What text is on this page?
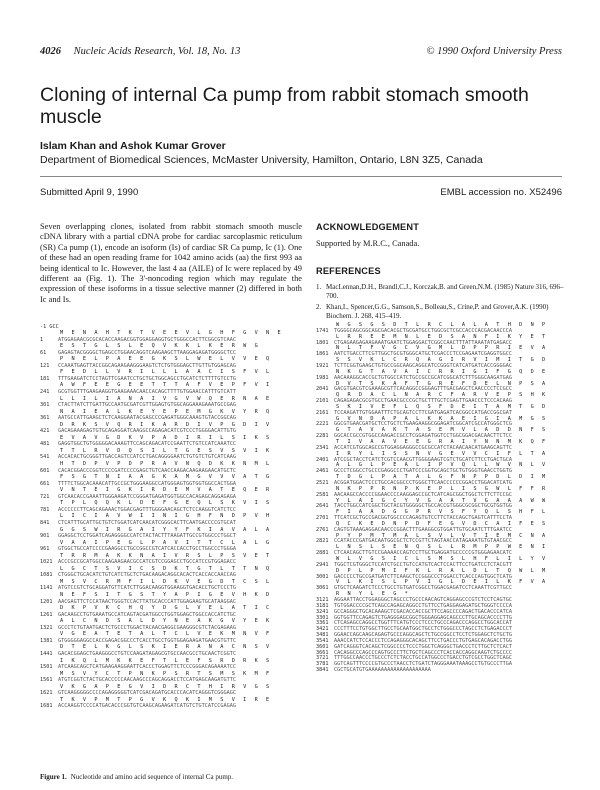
4026 Nucleic Acids Research, Vol. 18, No. 13	© 1990 Oxford University Press
Cloning of internal Ca pump from rabbit stomach smooth muscle
Islam Khan and Ashok Kumar Grover
Department of Biomedical Sciences, McMaster University, Hamilton, Ontario, L8N 3Z5, Canada
Submitted April 9, 1990	EMBL accession no. X52496

Seven overlapping clones, isolated from rabbit stomach smooth muscle cDNA library with a partial cDNA probe for cardiac sarcoplasmic reticulum (SR) Ca pump (1), encode an isoform (Is) of cardiac SR Ca pump, Ic (1). One of these had an open reading frame for 1042 amino acids (aa) the first 993 aa being identical to Ic. However, the last 4 aa (AILE) of Ic were replaced by 49 different aa (Fig. 1). The 3'-noncoding region which may regulate the expression of these isoforms in a tissue selective manner (2) differed in both Ic and Is.

ACKNOWLEDGEMENT
Supported by M.R.C., Canada.
REFERENCES
1. MacLennan,D.H., Brandl,C.J., Korczak,B. and Green,N.M. (1985) Nature 316, 696–700.
2. Khan,I., Spencer,G.G., Samson,S., Bolleau,S., Crine,P. and Grover,A.K. (1990) Biochem. J. 268, 415–419.
-1 GCC
M E N A H T K T V E E V L G H F G V N E
1	ATGGAGAACGCGCACACCAAGACGGTGGAGGAGGTGCTGGGCCACTTCGGCGTCAAC
E S T G L S L E Q V K K L K E R W G
61 GAGAGTACGGGGCTGAGCCTGGAACAGGTCAAGAAGCTTAAGGAGAGATGGGGCTCC
P N E L P A E E G K S L W E L V V E Q
121 CCAAATGAGTTACCGGCAGAAGAAGGGAAGTCTCTGTGGGAGCTTGTTGTGGAGCAG
F E D L L V R I L L L A A C I S F V L
181 TTTGAAGATCTCCTAGTTCGAATCCTGCTGCTGGCAGCCTGCATCTCTTTTGTCCTG
A W F E E G E E T T T A F V E P F V I
241 GCGTGGTTTGAAGAAGGTGAAGAAACAACCACAGCTTTTGTGGAACCATTTGTCATT
L L I L I A N A I V G V W Q E R N A E
301 CTACTTATCTTGATTGCCAATGCGATCGTTGGAGTGTGGCAGGAAAGAAATGCCGAG
N A I E A L K E Y E P E M G K V Y R Q
361 AATGCCATTGAAGCTCTCAAGGAATACGAGCCCGAGATGGGCAAAGTGTACCGGCAG
D R K S V Q R I K A R D I V P G D I V
421 GACAGAAAGAGTGTGCAGAGGATCAAGGCCAGAGACATCGTCCCTGGGGACATTGTG
E V A V G D K V P A D I R I L S I K S
481 GAGGTGGCTGTGGGGGACAAAGTTCCAGCAGACATCCGAATTCTGTCCATCAAATCC
T T L R V D Q S I L T G E S V S V I K
541 ACCACACTGCGGGTTGACCAGTCCATCCTGACAGGGGAATCTGTGTCTGTCATCAAG
H T D P V P D P R A V N Q D K K N M L
601 CACACGGACCCGGTCCCCGATCCCCGAGCTGTCAACCAAGACAAGAAGAACATGCTC
F S G T N I A A G K A M G V V V A T G
661 TTTTCTGGCACAAACATTGCCGCTGGGAAGGCCATGGGAGTGGTGGTGGCCACTGGA
V N T E I G K I R D E M V A T E Q E R
721 GTCAACACCGAAATTGGGAAGATCCGGGATGAGATGGTGGCCACAGAGCAGGAGAGA
T P L Q Q K L D E F G E Q L S K V I S
781 ACCCCCCTTCAGCAGAAACTGGACGAGTTTGGGGAACAGCTCTCCAAGGTCATCTCC
L I C I A V W I I N I G H F N D P V H
841 CTCATTTGCATTGCTGTCTGGATCATCAACATCGGGCACTTCAATGACCCCGTGCAT
G G S W I R G A I Y Y F K I A V A L A
901 GGAGGCTCCTGGATCAGAGGGGCCATCTACTACTTTAAGATTGCCGTGGCCCTGGCT
V A A I P E G L P A V I T T C L A L G
961 GTGGCTGCCATCCCCGAAGGCCTGCCGGCCGTCATCACCACCTGCCTGGCCCTGGGA
T R R M A K K N A I V R S L P S V E T
1021 ACCCGCCGCATGGCCAAGAAGAACGCCATCGTCCGGAGCCTGCCATCCGTGGAGACC
L G C T S V I C S D K T G T L T T N Q
1081 CTGGGCTGCACATCTGTCATCTGCTCTGACAAGACAGGCACACTCACCACCAACCAG
M S V C R M F I L D K V E G D T C S L
1141 ATGTCCGTCTGCAGGATGTTCATCTTGGACAAGGTGGAAGGTGACACCTGCTCCCTG
N E F S I T G S T Y A P I G E V H K D
1201 AACGAGTTCTCCATAACTGGGTCCACTTATGCACCCATTGGAGAAGTGCATAAGGAC
D K P V K C H Q Y D G L V E L A T I C
1261 GACAAGCCTGTGAAATGCCATCAGTACGATGGCCTGGTGGAGCTGGCCACCATCTGC
A L C N D S A L D Y N E A K G V Y E K
1321 GCCCTCTGTAATGACTCTGCCCTGGACTACAACGAGGCGAAGGGCGTCTACGAGAAG
V G E A T E T A L T C L V E K M N V F
1381 GTGGGGGAGGCCACCGAGACGGCCCTCACCTGCCTGGTGGAGAAGATGAACGTGTTC
D T E L K G L S K I E R A N A C N S V
1441 GACACGGAGCTGAAGGGCCTGTCCAAGATAGAGCGTGCCAACGCCTGCAACTCGGTC
I K Q L M K K E F T L E F S R D R K S
1501 ATCAAGCAGCTCATGAAGAAGGAATTCACCCTGGAGTTCTCCCGGGACAGAAAATCC
M S V Y C T P N K P S R T S M S K M F
1561 ATGTCGGTCTACTGCACCCCCAACAAGCCCAGCAGGACCTCCATGAGCAAGATGTTC
V K G A P E G V I D R C T H I R V G S
1621 GTCAAGGGGGCCCCAGAGGGGGTCATCGACAGATGCACCCACATCAGGGTCGGGAGC
T K V P M T P G V K Q K I M S V I R E
1681 ACCAAGGTCCCCATGACACCCGGTGTCAAGCAGAAGATCATGTCTGTCATCCGAGAG
W G S G S D T L R C L A L A T H D N P
1741 TGGGGCAGCGGCAGCGACACGCTGCGATGCCTGGCGCTCGCCACCCACGACAACCCA
L R R E E M N L E D S A N F I K Y E T
1801 CTGAGAAGAGAAGAAATGAATCTGGAGGACTCGGCCAACTTTATTAAATATGAGACC
N L T F V G C V G M L D P P R I E V A
1861 AATCTGACCTTCGTTGGCTGCGTGGGCATGCTCGACCCTCCGAGAATCGAGGTGGCC
S S V K L C R Q A G I R V I M I T G D
1921 TCTTCGGTGAAGCTGTGCCGGCAAGCAGGCATCCGGGTCATCATGATCACCGGGGAC
N K G T A V A I C R R I G I F G Q D E
1981 AACAAAGGCACCGCTGTGGCCATCTGCCGCCGCATCGGCATCTTTGGGCAAGATGAG
D V T S K A F T G R E F D E L N P S A
2041 GACGTGACGTCGAAAGCGTTCACAGGCCGGGAGTTTGACGAGCTCAACCCCTCCGCC
Q R D A C L N A R C F A R V E P S H K
2101 CAGAGAGACGCGTGCCTGAACGCCCGCTGCTTTGCTCGAGTTGAACCCTCCCACAAG
S K I V E F L Q S F D E I T A M T G D
2161 TCCAAGATTGTGGAATTTCTGCAGTCCTTCGATGAGATCACGGCCATGACCGGCGAT
G V N D A P A L K K A E I G I A M G S
2221 GGCGTGAACGATGCTCCTGCTCTGAAGAAGGCGGAGATCGGCATCGCCATGGGCTCG
G T A V A K T A S E M V L A D D N F S
2281 GGCACCGCCGTGGCCAAGACCGCCTCGGAGATGGTCCTGGCGGACGACAACTTCTCC
T I V A A V E E G R A I Y N N M K Q F
2341 ACCATCGTGGCAGCCGTGGAGGAGGGCCGCGCCATCTACAACAACATGAAGCAGTTC
I R Y L I S S N V G E V V C I F L T A
2401 ATCCGCTACCTCATCTCGTCCAACGTTGGGGAAGTCGTCTGCATCTTCCTGACTGCA
A L G L P E A L I P V Q L L W V N L V
2461 GCCCTCGGCCTGCCCGAGGCCCTGATCCCGGTGCAGCTGCTGTGGGTGAACCTGGTG
T D G L P A T A L G F N P P D L D I M
2521 ACGGATGGACTCCCTGCCACGGCCCTGGGCTTCAACCCCCCGGACCTGGACATCATG
N K P P R N P K E P L I S G W L F F R
2581 AACAAGCCACCCCGGAACCCCAAGGAGCCGCTCATCAGCGGCTGGCTCTTCTTCCGC
Y L A I G C Y V G A A T V G A A A W W
2641 TACCTGGCCATCGGCTGCTACGTGGGGGCTGCCACCGTGGGCGCGGCTGCGTGGTGG
F I A A D G G P R V S F Y Q L S H F L
2701 TTCATCGCTGCCGACGGTGGCCCCAGAGTGTCCTTCTACCAGCTGAGTCATTTCCTA
Q C K E D N P D F E G V D C A I F E S
2761 CAGTGTAAAGAGGACAACCCGGACTTTGAAGGCGTGGATTGTGCAATCTTTGAATCC
P Y P M T M A L S V L V T I E M C N A
2821 CCATACCCGATGACAATGGCGCTCTCCGTTCTAGTAACCATAGAAATGTGTAACGCC
L N S L S E N Q S L L R M P P W E N I
2881 CTCAACAGCTTGTCCGAAAACCAGTCCTTGCTGAGGATGCCCCCGTGGGAGAACATC
W L V G S I C L S M S L H F L I L Y V
2941 TGGCTCGTGGGCTCCATCTGCCTGTCCATGTCACTCCACTTCCTGATCCTCTACGTT
D P L P M I F K L R A L D L T Q W L M
3001 GACCCCCTGCCGATGATCTTCAAGCTCCGGGCCCTGGACCTCACCCAGTGGCTCATG
V L K I S L P V I G L D E I L K F V A
3061 GTGCTCAAGATCTCCCTGCCTGTGATCGGCCTGGACGAGATCCTCAAATTCGTTGCC
R N Y L E G *
3121 AGGAATTACCTGGAGGGCTAGCCCTGCCCAACAGTCAGGAGCCCGTCTCCTCAGTGC
3181 TGTGGACCCCGCTCAGCCAGAGCAGGCCTGTTCCTGAGGAGAGATGCTGGGTCCCCA
3241 GCCAGGGCTGCACAAAGCTCGACACCACCGCTTCCAGCCCCAGACTGACACCCATCA
3301 GGTGGTTCCAGAGTCTGAGGGAGCGGCTGGGAGGAGCAGCCCTTGCAGCACCCCTTG
3361 CTCAGAGCCAGGCCTGGTTTCATGTCCCTCCCTGCCCAGACCCAGGCCTGGCACCAT
3421 CCCTTTCCTGTGGCTTGCCTGCAATGGCTGCCTCTGGGCCCTAGCCTCTGAGACCCT
3481 GGAACCAGCAAGCAGAGTGCCCAGGCAGCTCTGCCGGCCTCCTCTGGAGCTCTGCTG
3541 AAACCATCTCCACCCTCCAGAGGGCACAGCTTCCTGACCCTGTGAGCACAGACCTGG
3601 GATCAGGGTCACAGCTCGGCCCCTCCCTGGCTCAGGGCTGACCCTCTTGCTCTCACT
3661 CACAGGCCCAGCCCAGTGCCCTTCTGCTCAGCCCTCACCACCAGGCAAGTCTGCCCC
3721 TTTGGCCAACCCTGCCCTCTCTACCTGCCATGGCCCTGACCTGTCGCCTGGCTCAGC
3781 GGTCAGTTTCCCCGTGCCCTAACCTCTGATCTAGGGAAATAAAGCCTGTGCCCTTGA
3841 CGCTGCATGTGAAAAAAAAAAAAAAAAAAAA
Figure 1. Nucleotide and amino acid sequence of internal Ca pump.
